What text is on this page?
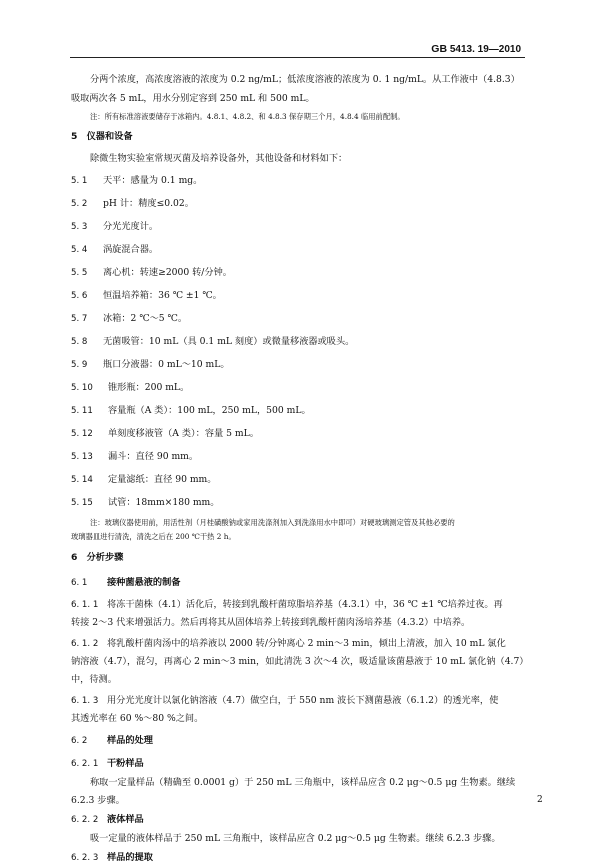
GB 5413. 19—2010

分两个浓度，高浓度溶液的浓度为 0.2 ng/mL；低浓度溶液的浓度为 0. 1 ng/mL。从工作液中（4.8.3）

吸取两次各 5 mL，用水分别定容到 250 mL 和 500 mL。

注：所有标准溶液要储存于冰箱内。4.8.1、4.8.2、和 4.8.3 保存期三个月，4.8.4 临用前配制。

5　仪器和设备

除微生物实验室常规灭菌及培养设备外，其他设备和材料如下：

5. 1 天平：感量为 0.1 mg。

5. 2 pH 计：精度≤0.02。

5. 3 分光光度计。

5. 4 涡旋混合器。

5. 5 离心机：转速≥2000 转/分钟。

5. 6 恒温培养箱：36 ℃ ±1 ℃。

5. 7 冰箱：2 ℃～5 ℃。

5. 8 无菌吸管：10 mL（具 0.1 mL 刻度）或微量移液器或吸头。

5. 9 瓶口分液器：0 mL～10 mL。

5. 10 锥形瓶：200 mL。

5. 11 容量瓶（A 类）：100 mL，250 mL，500 mL。

5. 12 单刻度移液管（A 类）：容量 5 mL。

5. 13 漏斗：直径 90 mm。

5. 14 定量滤纸：直径 90 mm。

5. 15 试管：18mm×180 mm。

注：玻璃仪器使用前，用活性剂（月桂磺酸钠或家用洗涤剂加入到洗涤用水中即可）对硬玻璃测定管及其他必要的

玻璃器皿进行清洗，清洗之后在 200 ℃干热 2 h。

6　分析步骤

6. 1 接种菌悬液的制备

6. 1. 1 将冻干菌株（4.1）活化后，转接到乳酸杆菌琼脂培养基（4.3.1）中，36 ℃ ±1 ℃培养过夜。再
转接 2～3 代来增强活力。然后再将其从固体培养上转接到乳酸杆菌肉汤培养基（4.3.2）中培养。
6. 1. 2 将乳酸杆菌肉汤中的培养液以 2000 转/分钟离心 2 min～3 min，倾出上清液，加入 10 mL 氯化
钠溶液（4.7），混匀，再离心 2 min～3 min，如此清洗 3 次～4 次，吸适量该菌悬液于 10 mL 氯化钠（4.7）
中，待测。
6. 1. 3 用分光光度计以氯化钠溶液（4.7）做空白，于 550 nm 波长下测菌悬液（6.1.2）的透光率，使
其透光率在 60 %～80 %之间。

6. 2 样品的处理

6. 2. 1 干粉样品

称取一定量样品（精确至 0.0001 g）于 250 mL 三角瓶中，该样品应含 0.2 μg～0.5 μg 生物素。继续

6.2.3 步骤。

6. 2. 2 液体样品

吸一定量的液体样品于 250 mL 三角瓶中，该样品应含 0.2 μg～0.5 μg 生物素。继续 6.2.3 步骤。

6. 2. 3 样品的提取

2
